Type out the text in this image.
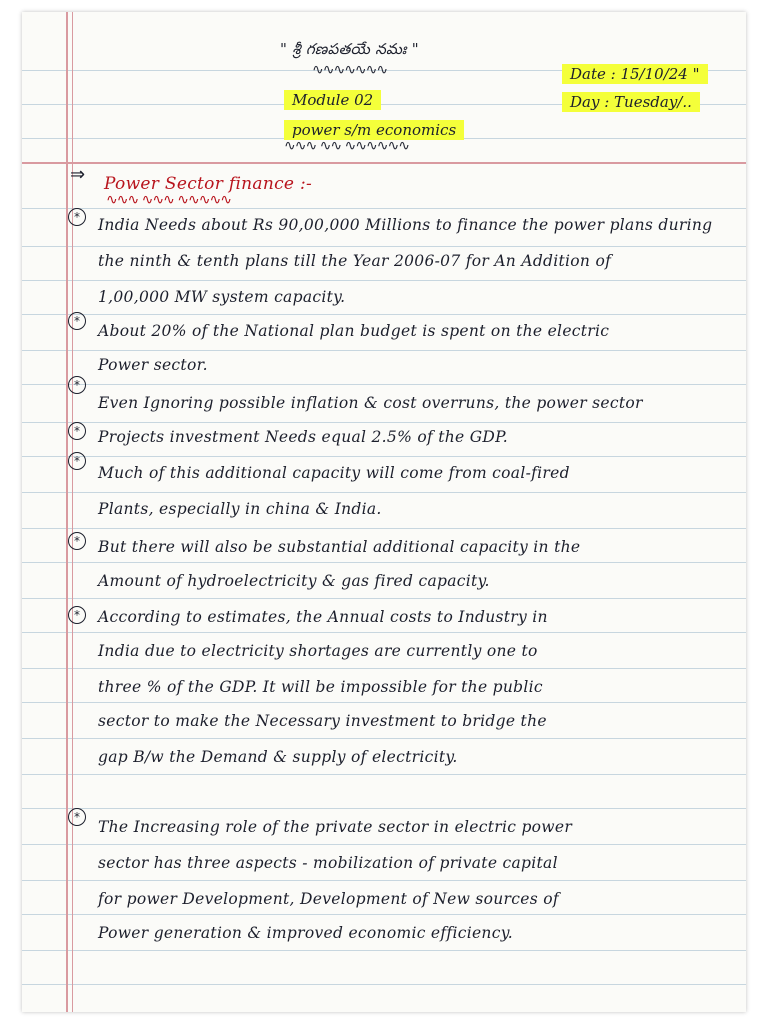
" శ్రీ గణపతయే నమః "
∿∿∿∿∿∿∿	Date : 15/10/24 "
Day : Tuesday/..
Module 02
power s/m economics
∿∿∿ ∿∿ ∿∿∿∿∿∿
⇒ Power Sector finance :-
∿∿∿ ∿∿∿ ∿∿∿∿∿
*
*
*
*
*
*
*
*
India Needs about Rs 90,00,000 Millions to finance the power plans during
the ninth & tenth plans till the Year 2006-07 for An Addition of
1,00,000 MW system capacity.
About 20% of the National plan budget is spent on the electric
Power sector.
Even Ignoring possible inflation & cost overruns, the power sector
Projects investment Needs equal 2.5% of the GDP.
Much of this additional capacity will come from coal-fired
Plants, especially in china & India.
But there will also be substantial additional capacity in the
Amount of hydroelectricity & gas fired capacity.
According to estimates, the Annual costs to Industry in
India due to electricity shortages are currently one to
three % of the GDP. It will be impossible for the public
sector to make the Necessary investment to bridge the
gap B/w the Demand & supply of electricity.
The Increasing role of the private sector in electric power
sector has three aspects - mobilization of private capital
for power Development, Development of New sources of
Power generation & improved economic efficiency.
